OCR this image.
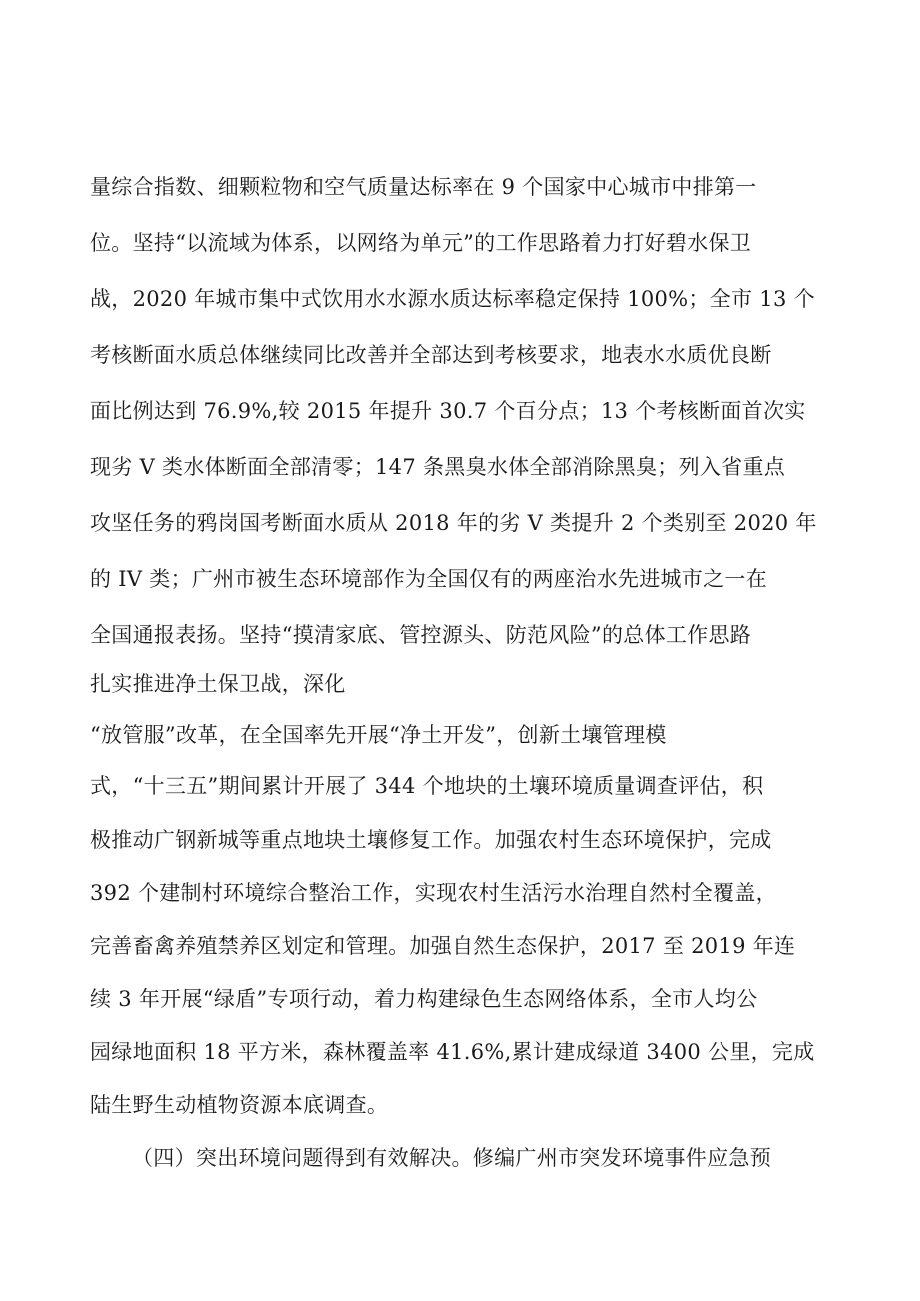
量综合指数、细颗粒物和空气质量达标率在 9 个国家中心城市中排第一

位。坚持“以流域为体系，以网络为单元”的工作思路着力打好碧水保卫

战，2020 年城市集中式饮用水水源水质达标率稳定保持 100%；全市 13 个

考核断面水质总体继续同比改善并全部达到考核要求，地表水水质优良断

面比例达到 76.9%,较 2015 年提升 30.7 个百分点；13 个考核断面首次实

现劣 V 类水体断面全部清零；147 条黑臭水体全部消除黑臭；列入省重点

攻坚任务的鸦岗国考断面水质从 2018 年的劣 V 类提升 2 个类别至 2020 年

的 IV 类；广州市被生态环境部作为全国仅有的两座治水先进城市之一在

全国通报表扬。坚持“摸清家底、管控源头、防范风险”的总体工作思路

扎实推进净土保卫战，深化

“放管服”改革，在全国率先开展“净土开发”，创新土壤管理模

式，“十三五”期间累计开展了 344 个地块的土壤环境质量调查评估，积

极推动广钢新城等重点地块土壤修复工作。加强农村生态环境保护，完成

392 个建制村环境综合整治工作，实现农村生活污水治理自然村全覆盖，

完善畜禽养殖禁养区划定和管理。加强自然生态保护，2017 至 2019 年连

续 3 年开展“绿盾”专项行动，着力构建绿色生态网络体系，全市人均公

园绿地面积 18 平方米，森林覆盖率 41.6%,累计建成绿道 3400 公里，完成

陆生野生动植物资源本底调查。

（四）突出环境问题得到有效解决。修编广州市突发环境事件应急预
